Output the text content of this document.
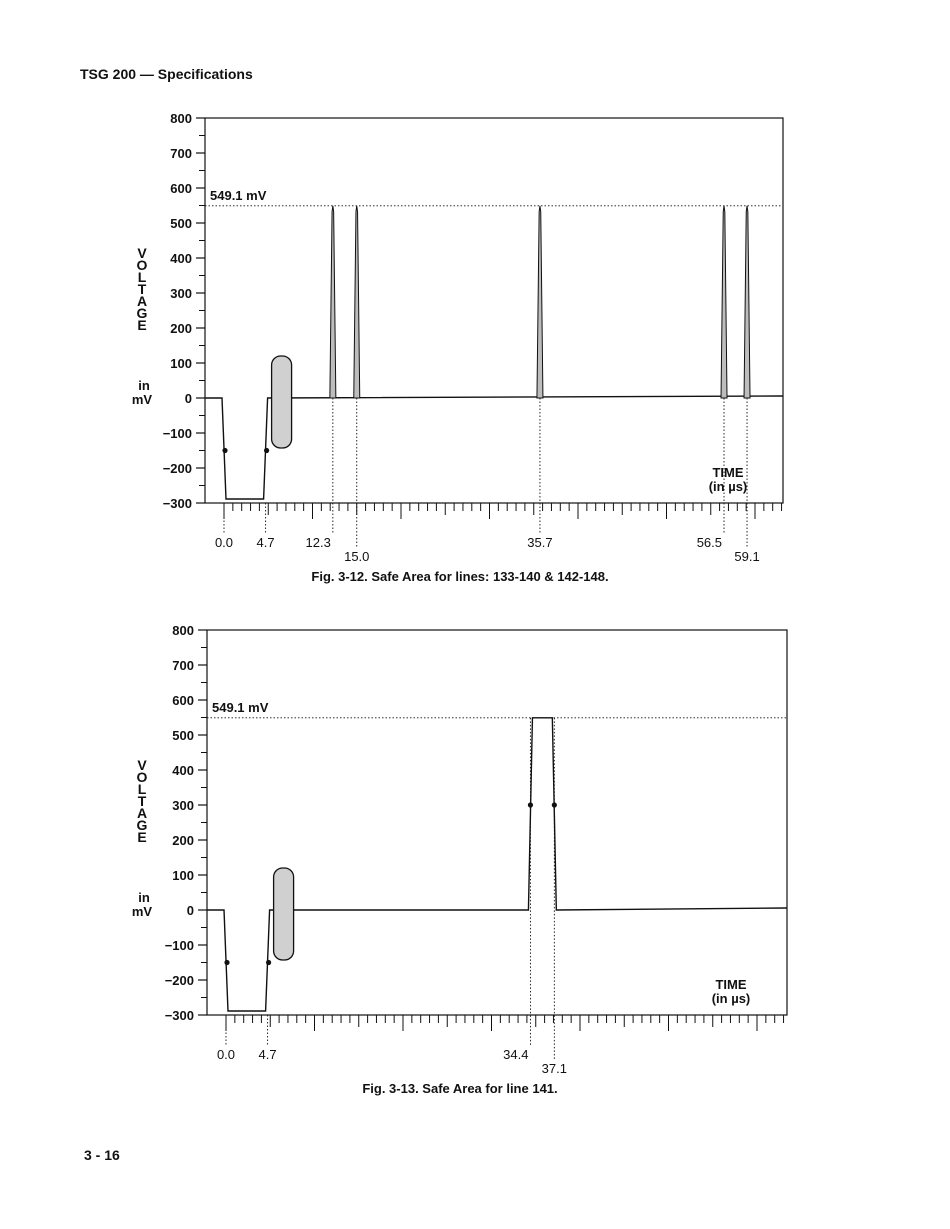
TSG 200 — Specifications
800
700
600
500
400
300
200
100
0
−100
−200
−300
V
O
L
T
A
G
E
in
mV
549.1 mV
0.0 4.7 12.3
15.0
35.7	56.5
59.1
TIME
(in µs)
Fig. 3-12. Safe Area for lines: 133-140 & 142-148.
800
700
600
500
400
300
200
100
0
−100
−200
−300
V
O
L
T
A
G
E
in
mV
549.1 mV
0.0 4.7	34.4
37.1
TIME
(in µs)
Fig. 3-13. Safe Area for line 141.
3 - 16
